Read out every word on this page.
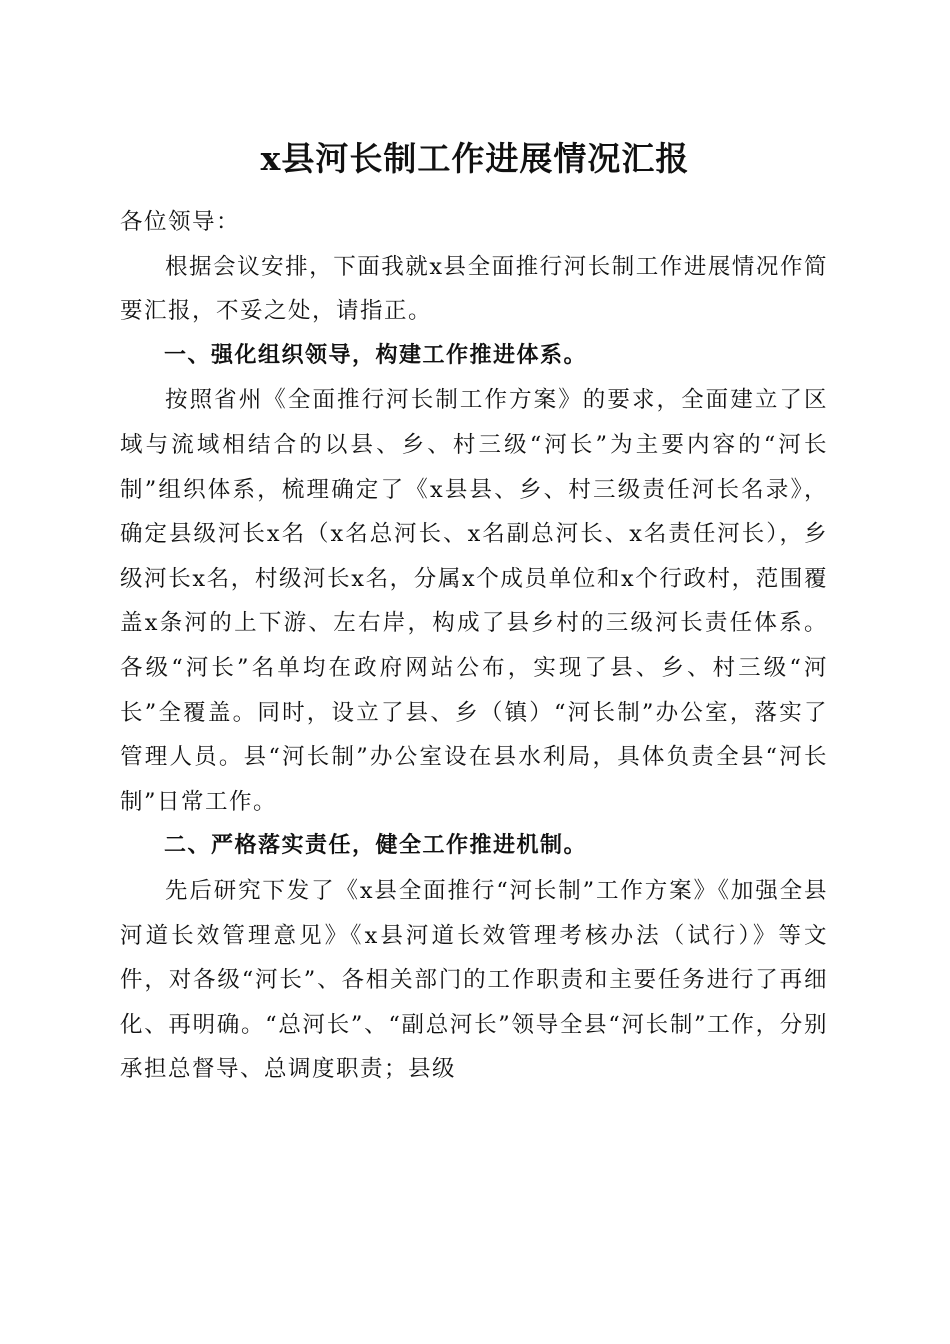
x县河长制工作进展情况汇报

各位领导：

根据会议安排，下面我就x县全面推行河长制工作进展情况作简要汇报，不妥之处，请指正。

一、强化组织领导，构建工作推进体系。

按照省州《全面推行河长制工作方案》的要求，全面建立了区域与流域相结合的以县、乡、村三级“河长”为主要内容的“河长制”组织体系，梳理确定了《x县县、乡、村三级责任河长名录》，确定县级河长x名（x名总河长、x名副总河长、x名责任河长），乡级河长x名，村级河长x名，分属x个成员单位和x个行政村，范围覆盖x条河的上下游、左右岸，构成了县乡村的三级河长责任体系。各级“河长”名单均在政府网站公布，实现了县、乡、村三级“河长”全覆盖。同时，设立了县、乡（镇）“河长制”办公室，落实了管理人员。县“河长制”办公室设在县水利局，具体负责全县“河长制”日常工作。

二、严格落实责任，健全工作推进机制。

先后研究下发了《x县全面推行“河长制”工作方案》《加强全县河道长效管理意见》《x县河道长效管理考核办法（试行）》等文件，对各级“河长”、各相关部门的工作职责和主要任务进行了再细化、再明确。“总河长”、“副总河长”领导全县“河长制”工作，分别承担总督导、总调度职责；县级
